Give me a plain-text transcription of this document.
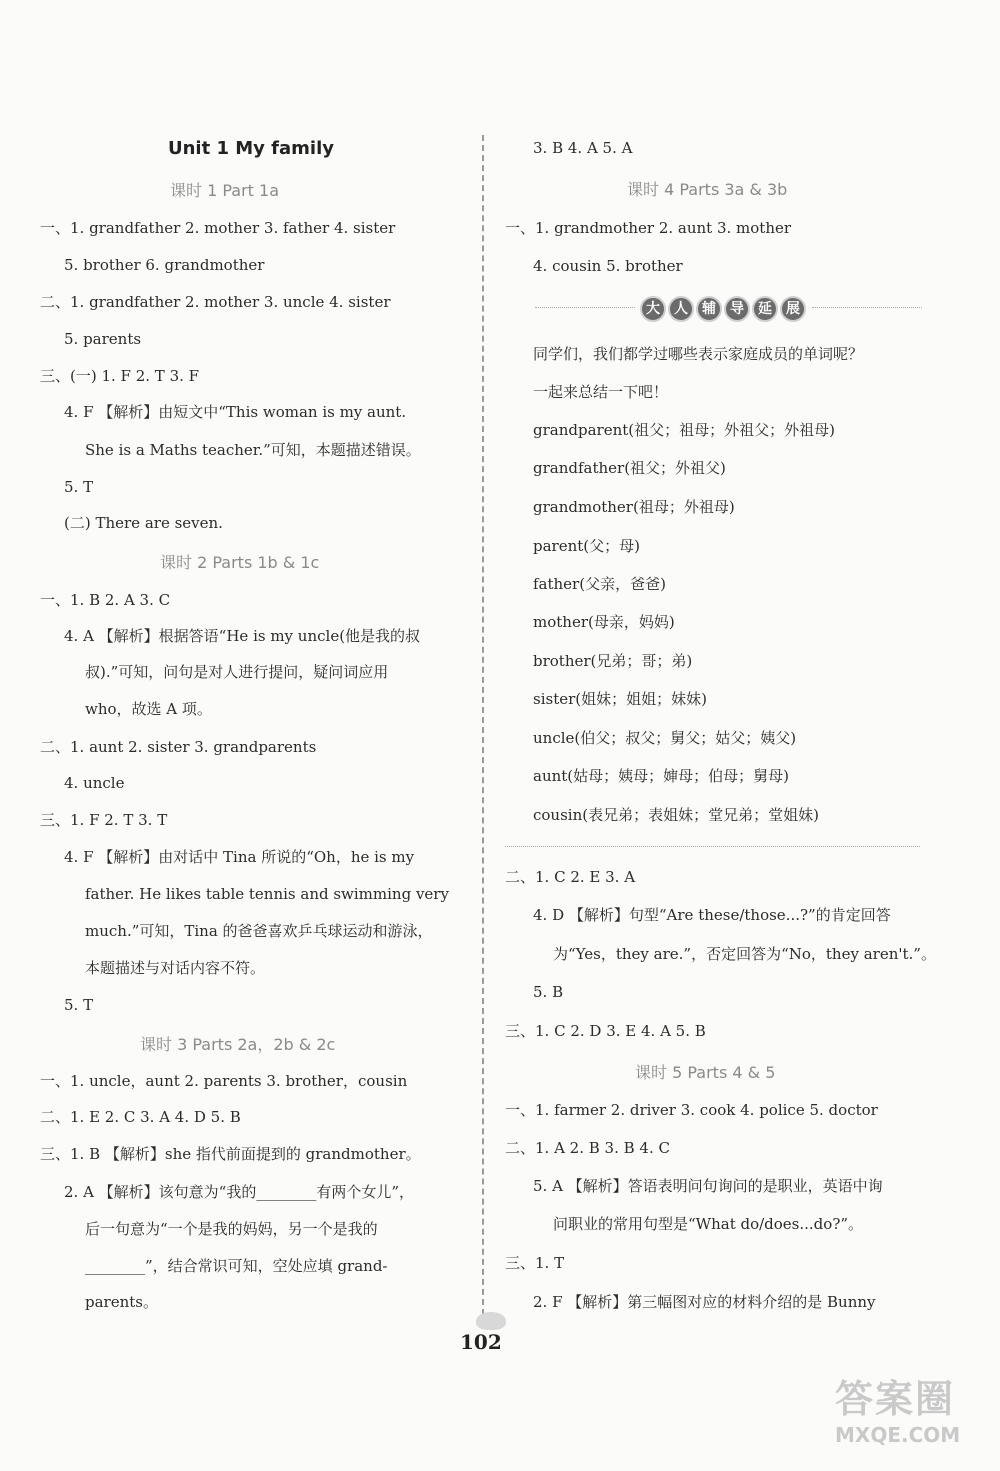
Unit 1 My family
课时 1 Part 1a
一、1. grandfather 2. mother 3. father 4. sister
5. brother 6. grandmother
二、1. grandfather 2. mother 3. uncle 4. sister
5. parents
三、(一) 1. F 2. T 3. F
4. F 【解析】由短文中“This woman is my aunt.
She is a Maths teacher.”可知，本题描述错误。
5. T
(二) There are seven.
课时 2 Parts 1b & 1c
一、1. B 2. A 3. C
4. A 【解析】根据答语“He is my uncle(他是我的叔
叔).”可知，问句是对人进行提问，疑问词应用
who，故选 A 项。
二、1. aunt 2. sister 3. grandparents
4. uncle
三、1. F 2. T 3. T
4. F 【解析】由对话中 Tina 所说的“Oh，he is my
father. He likes table tennis and swimming very
much.”可知，Tina 的爸爸喜欢乒乓球运动和游泳，
本题描述与对话内容不符。
5. T
课时 3 Parts 2a，2b & 2c
一、1. uncle，aunt 2. parents 3. brother，cousin
二、1. E 2. C 3. A 4. D 5. B
三、1. B 【解析】she 指代前面提到的 grandmother。
2. A 【解析】该句意为“我的________有两个女儿”，
后一句意为“一个是我的妈妈，另一个是我的
________”，结合常识可知，空处应填 grand-
parents。
3. B 4. A 5. A
课时 4 Parts 3a & 3b
一、1. grandmother 2. aunt 3. mother
4. cousin 5. brother
同学们，我们都学过哪些表示家庭成员的单词呢？
一起来总结一下吧！
grandparent(祖父；祖母；外祖父；外祖母)
grandfather(祖父；外祖父)
grandmother(祖母；外祖母)
parent(父；母)
father(父亲，爸爸)
mother(母亲，妈妈)
brother(兄弟；哥；弟)
sister(姐妹；姐姐；妹妹)
uncle(伯父；叔父；舅父；姑父；姨父)
aunt(姑母；姨母；婶母；伯母；舅母)
cousin(表兄弟；表姐妹；堂兄弟；堂姐妹)
二、1. C 2. E 3. A
4. D 【解析】句型“Are these/those...?”的肯定回答
为“Yes，they are.”，否定回答为“No，they aren't.”。
5. B
三、1. C 2. D 3. E 4. A 5. B
课时 5 Parts 4 & 5
一、1. farmer 2. driver 3. cook 4. police 5. doctor
二、1. A 2. B 3. B 4. C
5. A 【解析】答语表明问句询问的是职业，英语中询
问职业的常用句型是“What do/does...do?”。
三、1. T
2. F 【解析】第三幅图对应的材料介绍的是 Bunny
大	人	辅	导	延	展
102
答案圈
MXQE.COM
